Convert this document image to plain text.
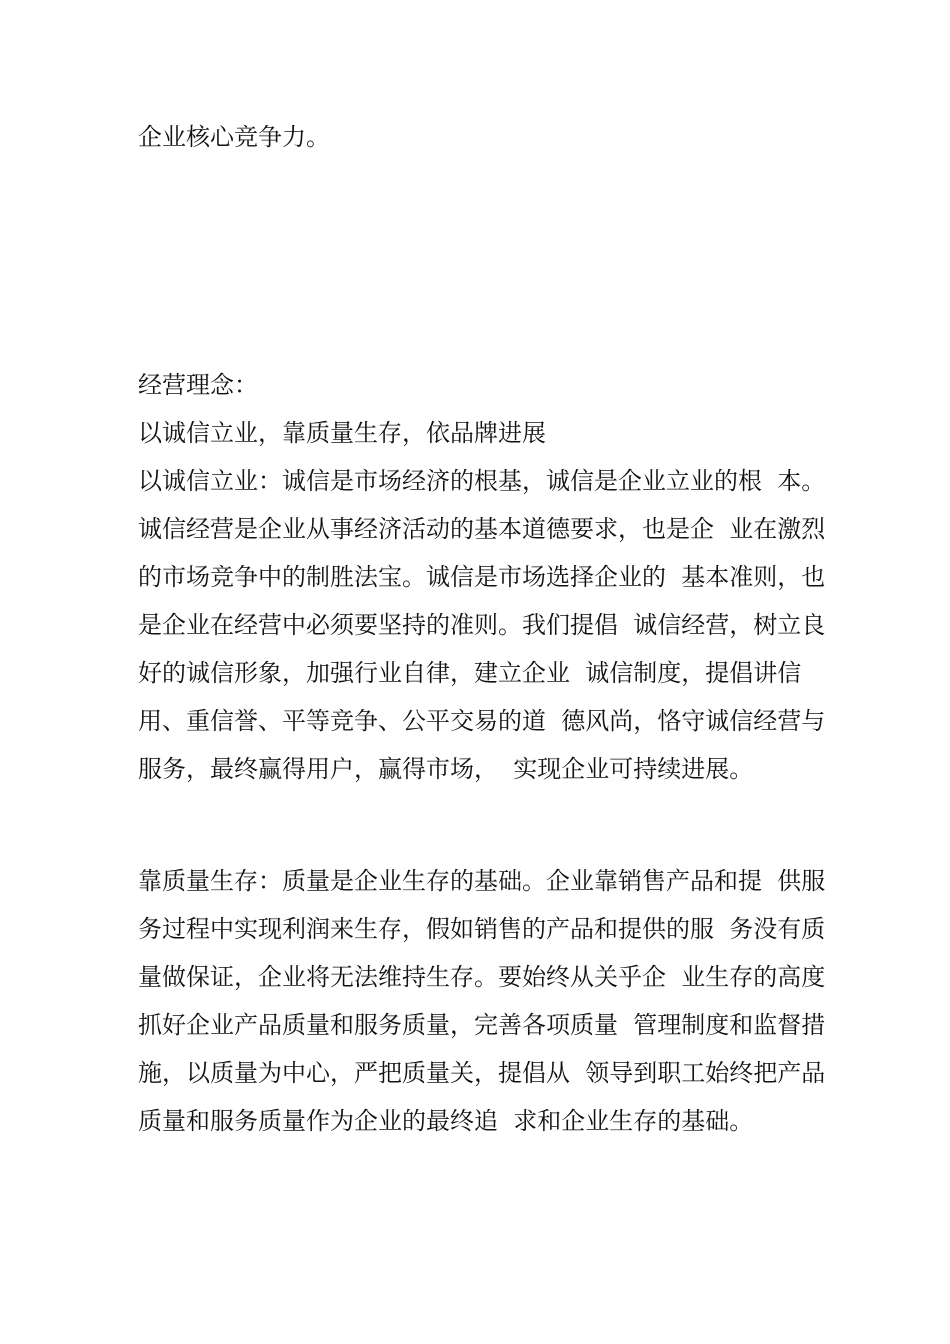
企业核心竞争力。

经营理念：

以诚信立业，靠质量生存，依品牌进展

以诚信立业：诚信是市场经济的根基，诚信是企业立业的根  本。

诚信经营是企业从事经济活动的基本道德要求，也是企  业在激烈

的市场竞争中的制胜法宝。诚信是市场选择企业的  基本准则，也

是企业在经营中必须要坚持的准则。我们提倡  诚信经营，树立良

好的诚信形象，加强行业自律，建立企业  诚信制度，提倡讲信

用、重信誉、平等竞争、公平交易的道  德风尚，恪守诚信经营与

服务，最终赢得用户，赢得市场，  实现企业可持续进展。

靠质量生存：质量是企业生存的基础。企业靠销售产品和提  供服

务过程中实现利润来生存，假如销售的产品和提供的服  务没有质

量做保证，企业将无法维持生存。要始终从关乎企  业生存的高度

抓好企业产品质量和服务质量，完善各项质量  管理制度和监督措

施，以质量为中心，严把质量关，提倡从  领导到职工始终把产品

质量和服务质量作为企业的最终追  求和企业生存的基础。
